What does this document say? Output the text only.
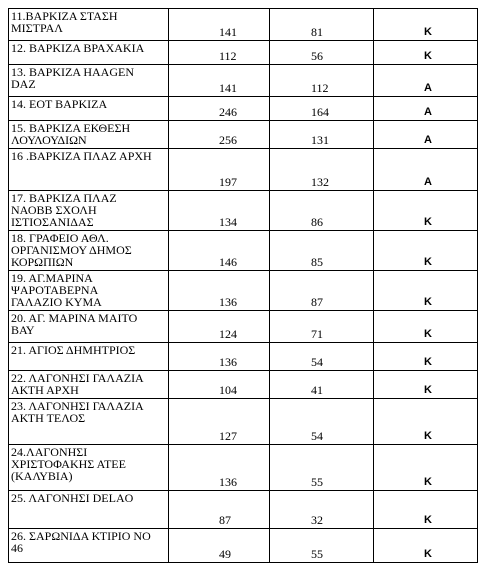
11.ΒΑΡΚΙΖΑ ΣΤΑΣΗ
ΜΙΣΤΡΑΛ	141	81	Κ

12. ΒΑΡΚΙΖΑ ΒΡΑΧΑΚΙΑ	112	56	Κ

13. ΒΑΡΚΙΖΑ ΗΑAGEN
DAZ	141	112	Α

14. ΕΟΤ ΒΑΡΚΙΖΑ	246	164	Α

15. ΒΑΡΚΙΖΑ ΕΚΘΕΣΗ
ΛΟΥΛΟΥΔΙΩΝ	256	131	Α

16 .ΒΑΡΚΙΖΑ ΠΛΑΖ ΑΡΧΗ	197	132	Α

17. ΒΑΡΚΙΖΑ ΠΛΑΖ
ΝΑΟΒΒ ΣΧΟΛΗ
ΙΣΤΙΟΣΑΝΙΔΑΣ	134	86	Κ

18. ΓΡΑΦΕΙΟ ΑΘΛ.
ΟΡΓΑΝΙΣΜΟΥ ΔΗΜΟΣ
ΚΟΡΩΠΙΩΝ	146	85	Κ

19. ΑΓ.ΜΑΡΙΝΑ
ΨΑΡΟΤΑΒΕΡΝΑ
ΓΑΛΑΖΙΟ ΚΥΜΑ	136	87	Κ

20. ΑΓ. ΜΑΡΙΝΑ ΜΑΙΤΟ
ΒΑΥ	124	71	Κ

21. ΑΓΙΟΣ ΔΗΜΗΤΡΙΟΣ	136	54	Κ

22. ΛΑΓΟΝΗΣΙ ΓΑΛΑΖΙΑ
ΑΚΤΗ ΑΡΧΗ	104	41	Κ

23. ΛΑΓΟΝΗΣΙ ΓΑΛΑΖΙΑ
ΑΚΤΗ ΤΕΛΟΣ	127	54	Κ

24.ΛΑΓΟΝΗΣΙ
ΧΡΙΣΤΟΦΑΚΗΣ ΑΤΕΕ
(ΚΑΛΥΒΙΑ)	136	55	Κ

25. ΛΑΓΟΝΗΣΙ DELAO	87	32	Κ

26. ΣΑΡΩΝΙΔΑ ΚΤΙΡΙΟ ΝΟ
46	49	55	Κ
